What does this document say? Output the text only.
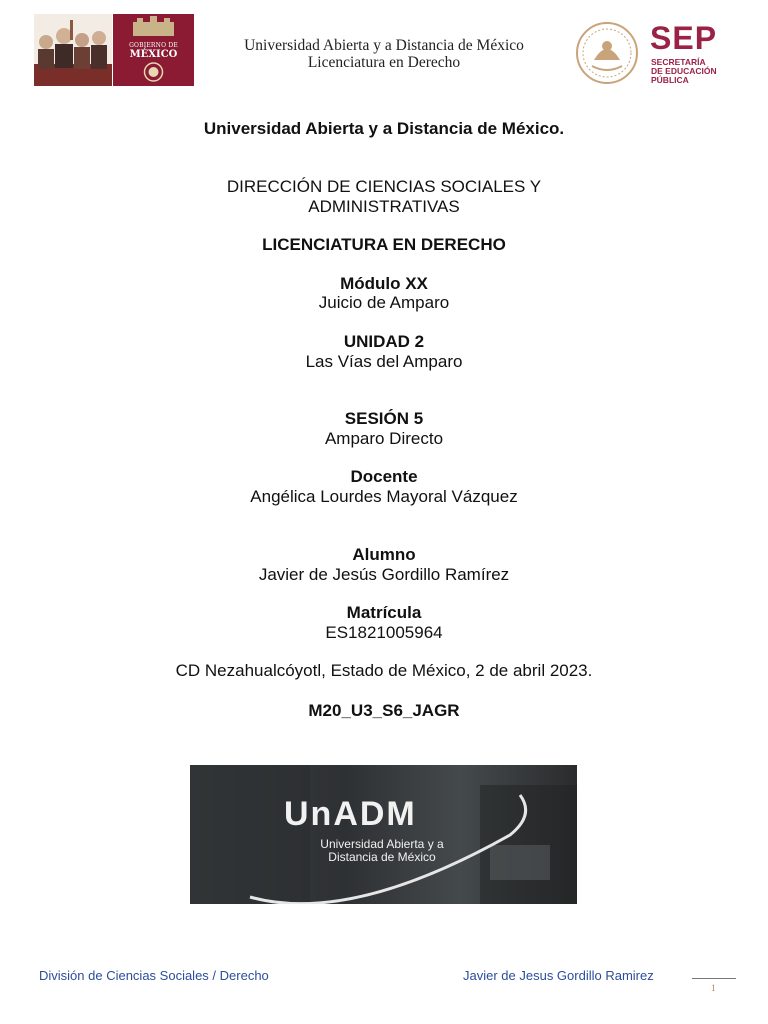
GOBIERNO DE
MÉXICO
Universidad Abierta y a Distancia de México
Licenciatura en Derecho
SEP
SECRETARÍA
DE EDUCACIÓN
PÚBLICA
Universidad Abierta y a Distancia de México.
DIRECCIÓN DE CIENCIAS SOCIALES Y
ADMINISTRATIVAS
LICENCIATURA EN DERECHO
Módulo XX
Juicio de Amparo
UNIDAD 2
Las Vías del Amparo
SESIÓN 5
Amparo Directo
Docente
Angélica Lourdes Mayoral Vázquez
Alumno
Javier de Jesús Gordillo Ramírez
Matrícula
ES1821005964
CD Nezahualcóyotl, Estado de México, 2 de abril 2023.
M20_U3_S6_JAGR
UnADM
Universidad Abierta y a
Distancia de México
División de Ciencias Sociales / Derecho	Javier de Jesus Gordillo Ramirez
1
